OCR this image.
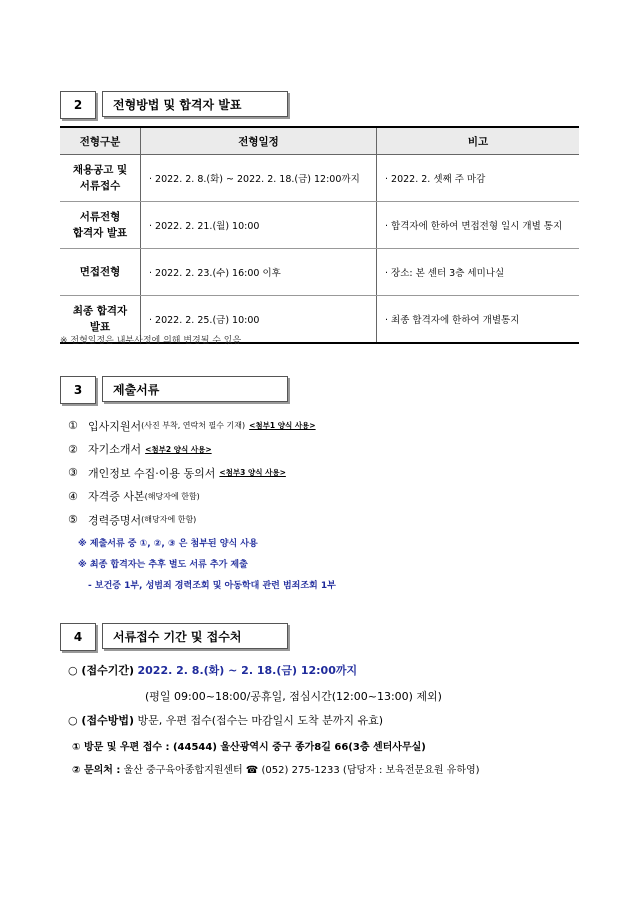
2	전형방법 및 합격자 발표
전형구분	전형일정	비고
채용공고 및
서류접수	· 2022. 2. 8.(화) ~ 2022. 2. 18.(금) 12:00까지	· 2022. 2. 셋째 주 마감
서류전형
합격자 발표	· 2022. 2. 21.(월) 10:00	· 합격자에 한하여 면접전형 일시 개별 통지
면접전형	· 2022. 2. 23.(수) 16:00 이후	· 장소: 본 센터 3층 세미나실
최종 합격자
발표	· 2022. 2. 25.(금) 10:00	· 최종 합격자에 한하여 개별통지
※ 전형일정은 내부사정에 의해 변경될 수 있음
3	제출서류
① 입사지원서 (사진 부착, 연락처 필수 기재) <첨부1 양식 사용>
② 자기소개서 <첨부2 양식 사용>
③ 개인정보 수집·이용 동의서 <첨부3 양식 사용>
④ 자격증 사본 (해당자에 한함)
⑤ 경력증명서 (해당자에 한함)
※ 제출서류 중 ①, ②, ③ 은 첨부된 양식 사용
※ 최종 합격자는 추후 별도 서류 추가 제출
- 보건증 1부, 성범죄 경력조회 및 아동학대 관련 범죄조회 1부
4	서류접수 기간 및 접수처
○ (접수기간) 2022. 2. 8.(화) ~ 2. 18.(금) 12:00까지
(평일 09:00~18:00/공휴일, 점심시간(12:00~13:00) 제외)
○ (접수방법) 방문, 우편 접수(접수는 마감일시 도착 분까지 유효)
① 방문 및 우편 접수 : (44544) 울산광역시 중구 종가8길 66(3층 센터사무실)
② 문의처 : 울산 중구육아종합지원센터 ☎ (052) 275-1233 (담당자 : 보육전문요원 유하영)
